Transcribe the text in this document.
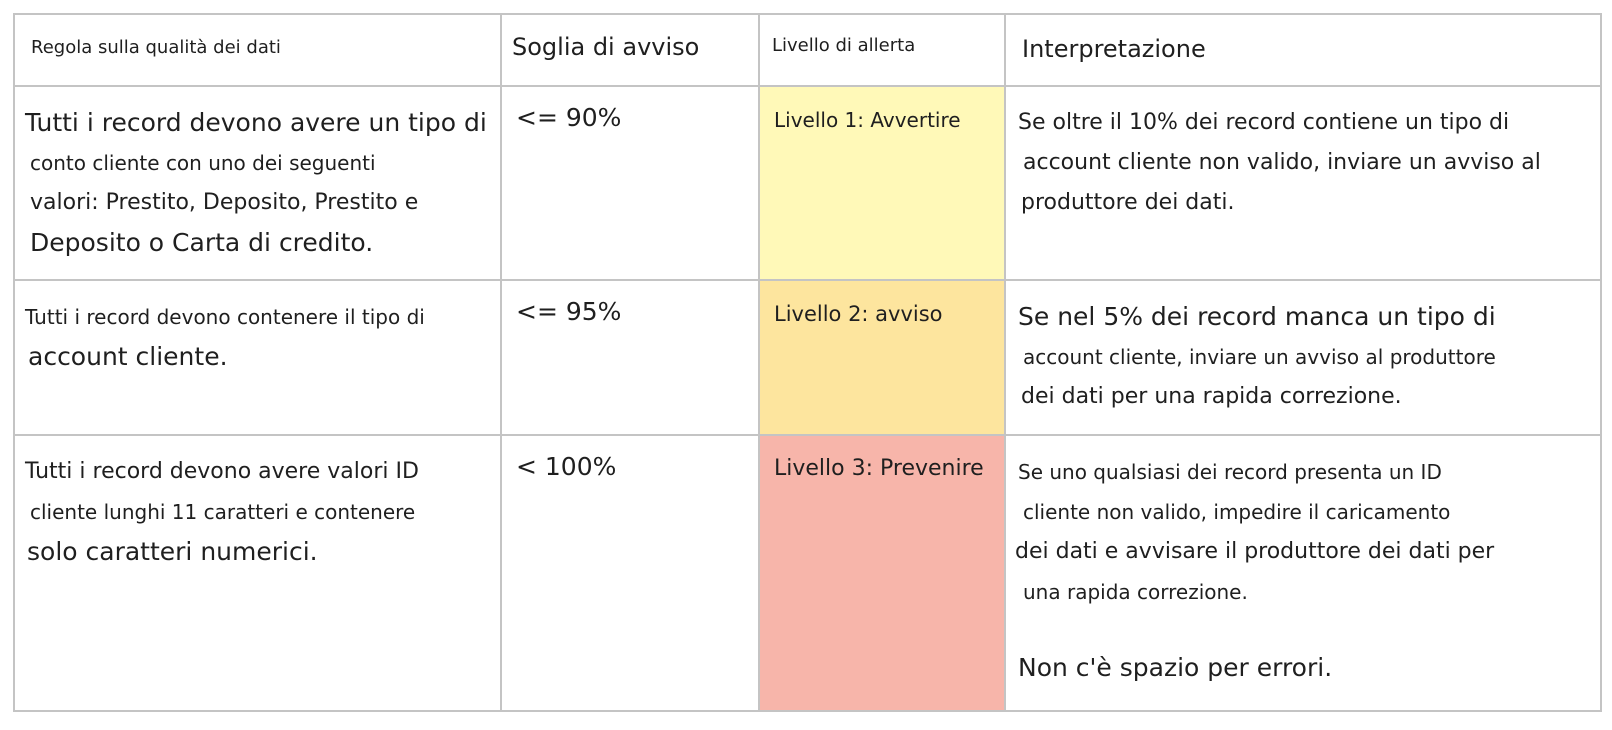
Regola sulla qualità dei dati	Soglia di avviso	Livello di allerta	Interpretazione

Tutti i record devono avere un tipo di
conto cliente con uno dei seguenti
valori: Prestito, Deposito, Prestito e
Deposito o Carta di credito.	<= 90%	Livello 1: Avvertire	Se oltre il 10% dei record contiene un tipo di
account cliente non valido, inviare un avviso al
produttore dei dati.

Tutti i record devono contenere il tipo di
account cliente.	<= 95%	Livello 2: avviso	Se nel 5% dei record manca un tipo di
account cliente, inviare un avviso al produttore
dei dati per una rapida correzione.

Tutti i record devono avere valori ID
cliente lunghi 11 caratteri e contenere
solo caratteri numerici.	< 100%	Livello 3: Prevenire	Se uno qualsiasi dei record presenta un ID
cliente non valido, impedire il caricamento
dei dati e avvisare il produttore dei dati per
una rapida correzione.
Non c'è spazio per errori.
